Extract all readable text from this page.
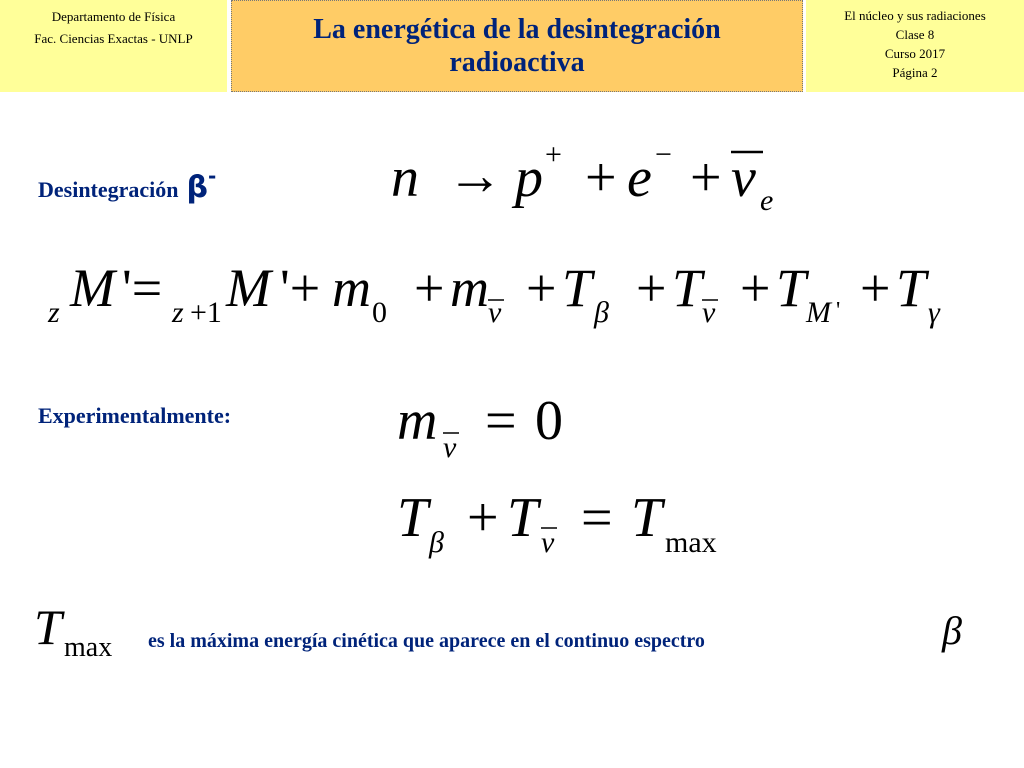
Departamento de Física
Fac. Ciencias Exactas - UNLP	La energética de la desintegración radioactiva
El núcleo y sus radiaciones
Clase 8
Curso 2017
Página 2
Desintegración β-	n → p + + e − + ν e
z M '= z +1 M '+ m 0 + m ν + T β + T ν + T M ' + T γ
Experimentalmente:	m ν = 0
T β + T ν = T max
T max es la máxima energía cinética que aparece en el continuo espectro	β
